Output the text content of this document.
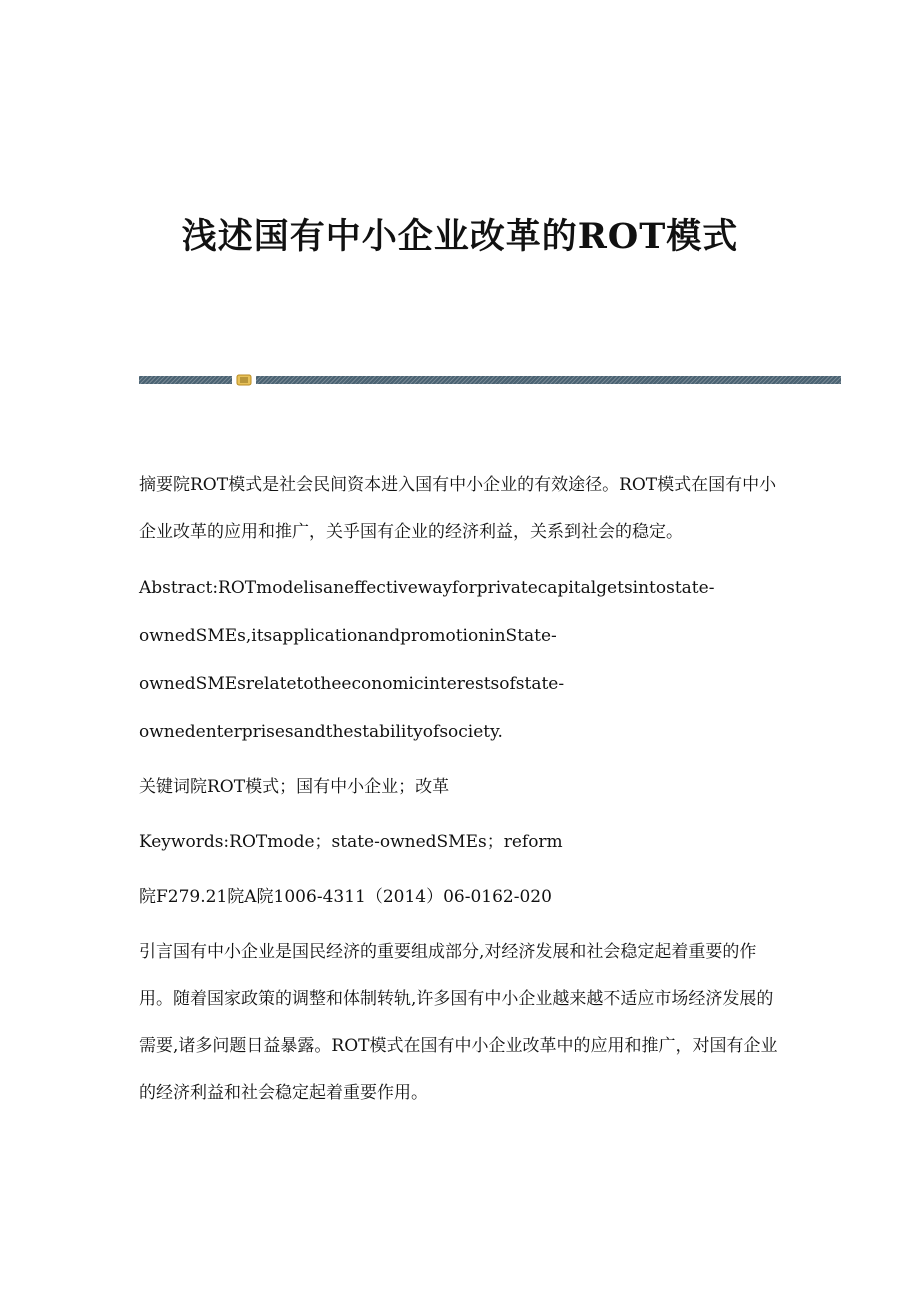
浅述国有中小企业改革的ROT模式

摘要院ROT模式是社会民间资本进入国有中小企业的有效途径。ROT模式在国有中小企业改革的应用和推广，关乎国有企业的经济利益，关系到社会的稳定。

Abstract:ROTmodelisaneffectivewayforprivatecapitalgetsintostate-
ownedSMEs,itsapplicationandpromotioninState-
ownedSMEsrelatetotheeconomicinterestsofstate-
ownedenterprisesandthestabilityofsociety.

关键词院ROT模式；国有中小企业；改革

Keywords:ROTmode；state-ownedSMEs；reform

院F279.21院A院1006-4311（2014）06-0162-020

引言国有中小企业是国民经济的重要组成部分,对经济发展和社会稳定起着重要的作用。随着国家政策的调整和体制转轨,许多国有中小企业越来越不适应市场经济发展的需要,诸多问题日益暴露。ROT模式在国有中小企业改革中的应用和推广，对国有企业的经济利益和社会稳定起着重要作用。
